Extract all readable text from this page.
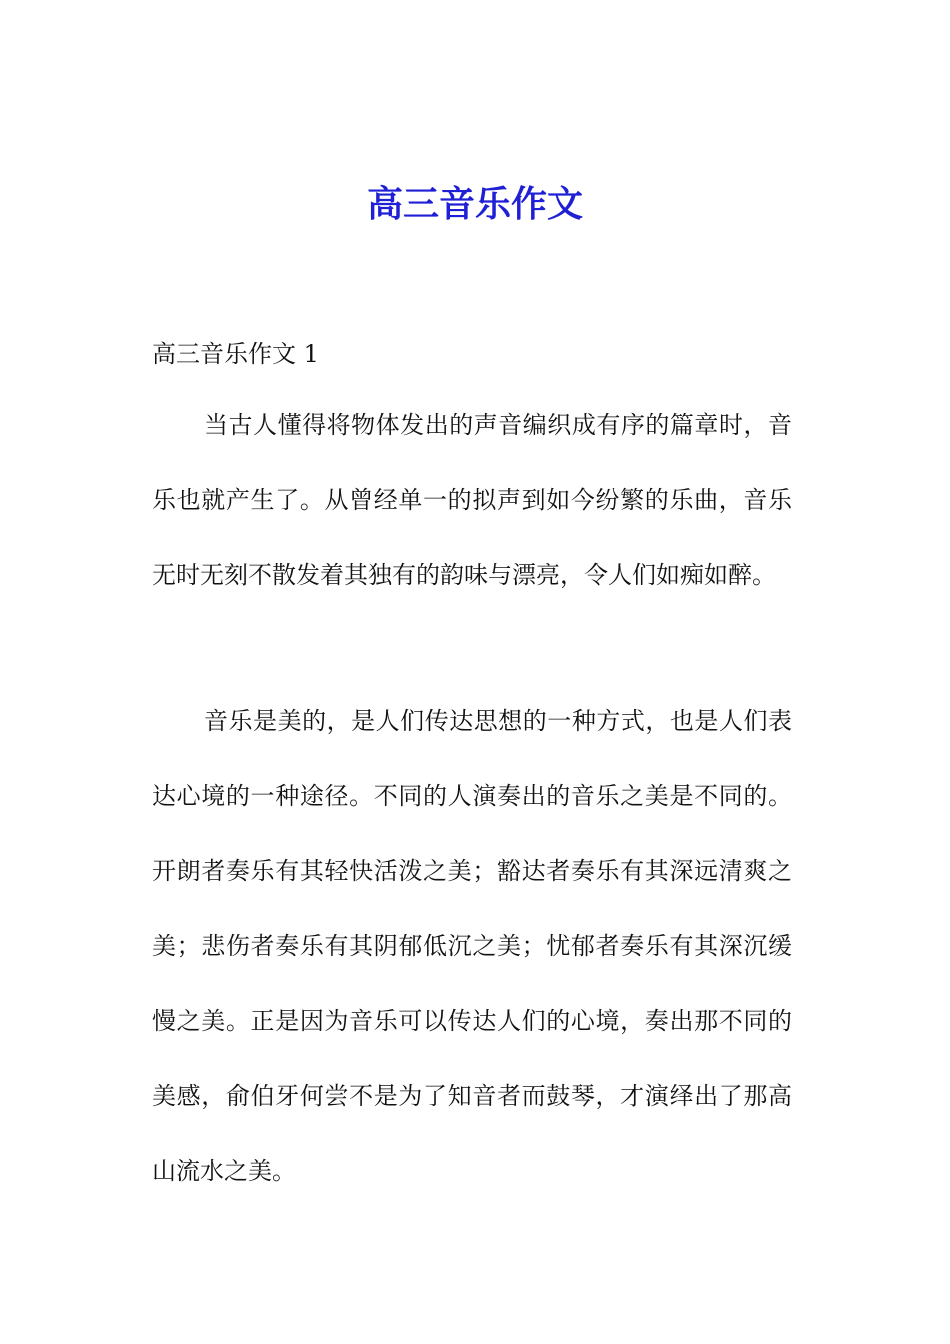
高三音乐作文

高三音乐作文 1

当古人懂得将物体发出的声音编织成有序的篇章时，音乐也就产生了。从曾经单一的拟声到如今纷繁的乐曲，音乐无时无刻不散发着其独有的韵味与漂亮，令人们如痴如醉。

音乐是美的，是人们传达思想的一种方式，也是人们表达心境的一种途径。不同的人演奏出的音乐之美是不同的。开朗者奏乐有其轻快活泼之美；豁达者奏乐有其深远清爽之美；悲伤者奏乐有其阴郁低沉之美；忧郁者奏乐有其深沉缓慢之美。正是因为音乐可以传达人们的心境，奏出那不同的美感，俞伯牙何尝不是为了知音者而鼓琴，才演绎出了那高山流水之美。
